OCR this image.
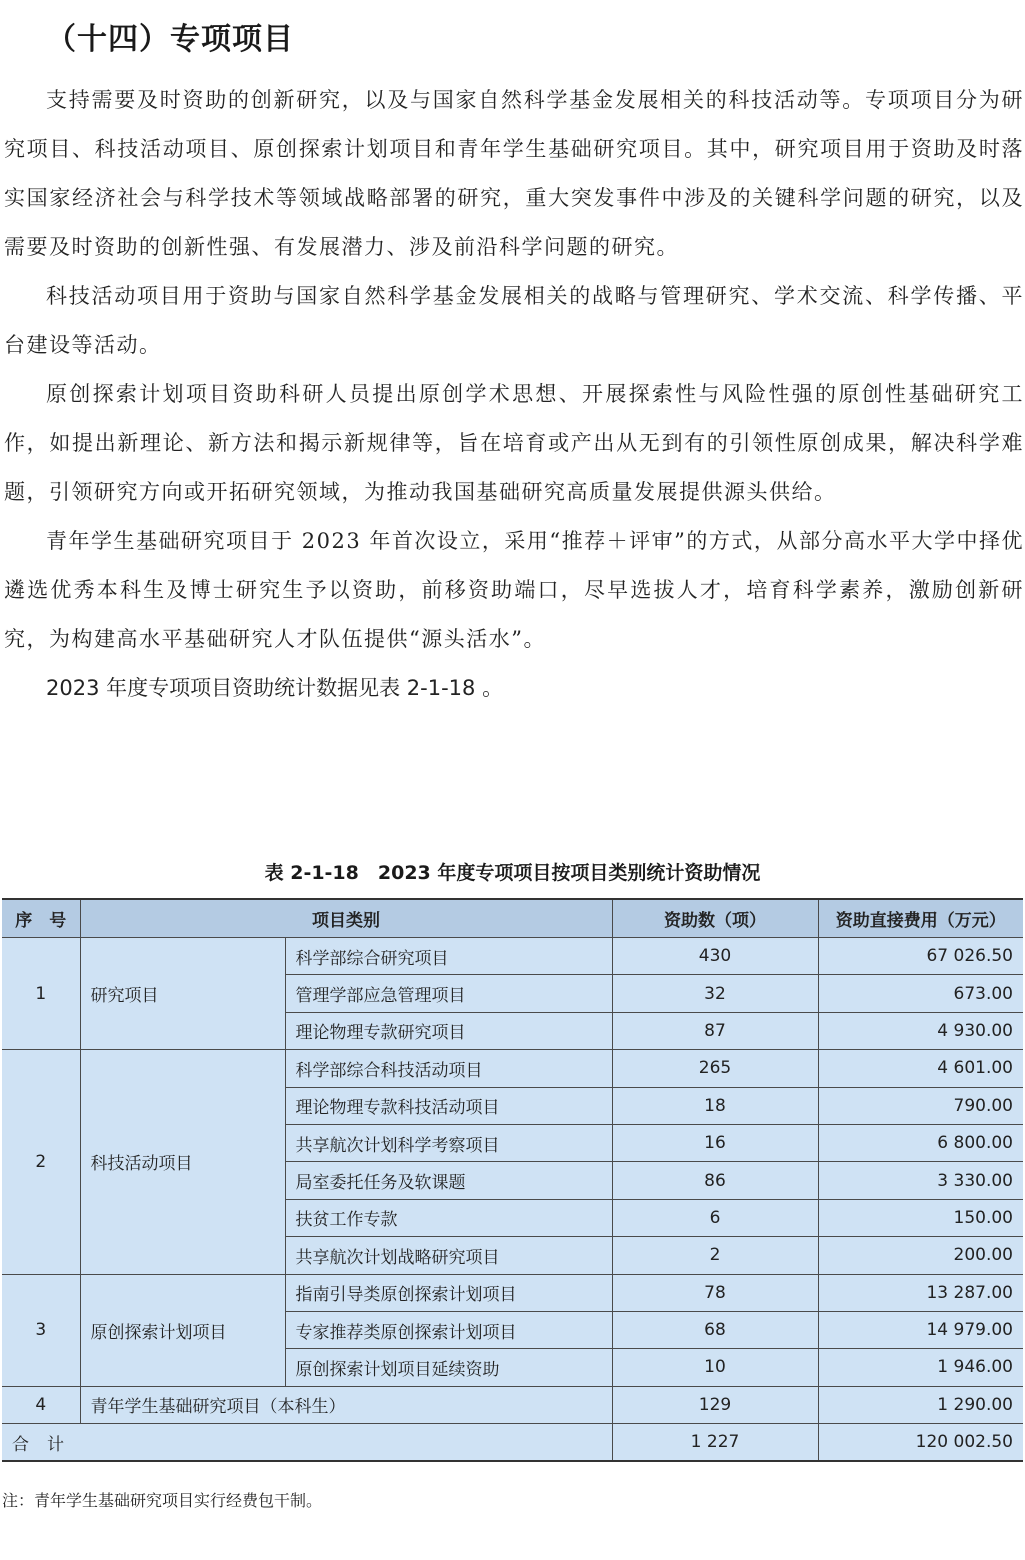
（十四）专项项目

支持需要及时资助的创新研究，以及与国家自然科学基金发展相关的科技活动等。专项项目分为研究项目、科技活动项目、原创探索计划项目和青年学生基础研究项目。其中，研究项目用于资助及时落实国家经济社会与科学技术等领域战略部署的研究，重大突发事件中涉及的关键科学问题的研究，以及需要及时资助的创新性强、有发展潜力、涉及前沿科学问题的研究。

科技活动项目用于资助与国家自然科学基金发展相关的战略与管理研究、学术交流、科学传播、平台建设等活动。

原创探索计划项目资助科研人员提出原创学术思想、开展探索性与风险性强的原创性基础研究工作，如提出新理论、新方法和揭示新规律等，旨在培育或产出从无到有的引领性原创成果，解决科学难题，引领研究方向或开拓研究领域，为推动我国基础研究高质量发展提供源头供给。

青年学生基础研究项目于 2023 年首次设立，采用“推荐＋评审”的方式，从部分高水平大学中择优遴选优秀本科生及博士研究生予以资助，前移资助端口，尽早选拔人才，培育科学素养，激励创新研究，为构建高水平基础研究人才队伍提供“源头活水”。

2023 年度专项项目资助统计数据见表 2-1-18 。

表 2-1-18　2023 年度专项项目按项目类别统计资助情况
序　号	项目类别		资助数（项）	资助直接费用（万元）
1	研究项目	科学部综合研究项目	430	67 026.50
		管理学部应急管理项目	32	673.00
		理论物理专款研究项目	87	4 930.00
2	科技活动项目	科学部综合科技活动项目	265	4 601.00
		理论物理专款科技活动项目	18	790.00
		共享航次计划科学考察项目	16	6 800.00
		局室委托任务及软课题	86	3 330.00
		扶贫工作专款	6	150.00
		共享航次计划战略研究项目	2	200.00
3	原创探索计划项目	指南引导类原创探索计划项目	78	13 287.00
		专家推荐类原创探索计划项目	68	14 979.00
		原创探索计划项目延续资助	10	1 946.00
4	青年学生基础研究项目（本科生）		129	1 290.00
合计			1 227	120 002.50
注：青年学生基础研究项目实行经费包干制。
